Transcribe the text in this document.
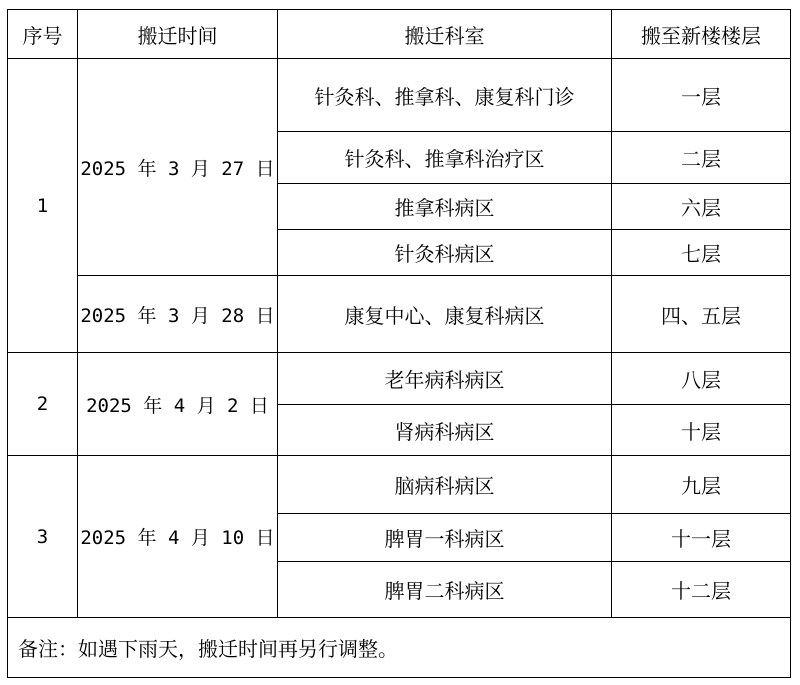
序号	搬迁时间	搬迁科室	搬至新楼楼层
1	2025 年 3 月 27 日	针灸科、推拿科、康复科门诊	一层
		针灸科、推拿科治疗区	二层
		推拿科病区	六层
		针灸科病区	七层
	2025 年 3 月 28 日	康复中心、康复科病区	四、五层
2	2025 年 4 月 2 日	老年病科病区	八层
		肾病科病区	十层
3	2025 年 4 月 10 日	脑病科病区	九层
		脾胃一科病区	十一层
		脾胃二科病区	十二层
备注：如遇下雨天，搬迁时间再另行调整。			
